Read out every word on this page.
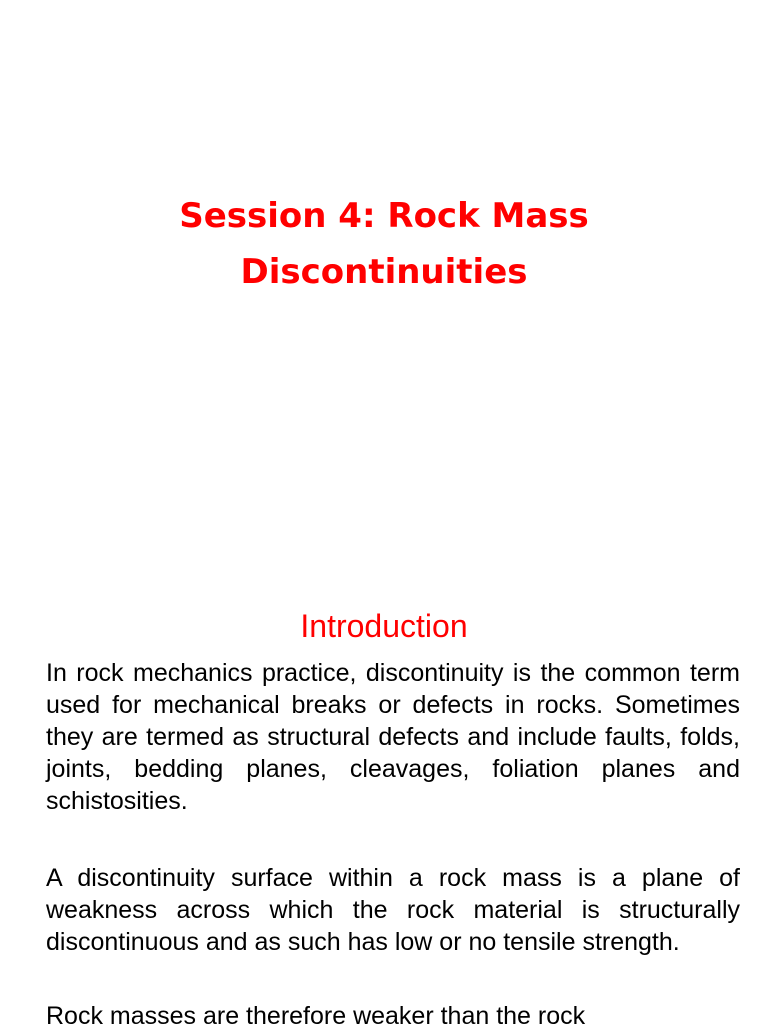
Session 4: Rock Mass
Discontinuities
Introduction

In rock mechanics practice, discontinuity is the common term used for mechanical breaks or defects in rocks. Sometimes they are termed as structural defects and include faults, folds, joints, bedding planes, cleavages, foliation planes and schistosities.

A discontinuity surface within a rock mass is a plane of weakness across which the rock material is structurally discontinuous and as such has low or no tensile strength.

Rock masses are therefore weaker than the rock
